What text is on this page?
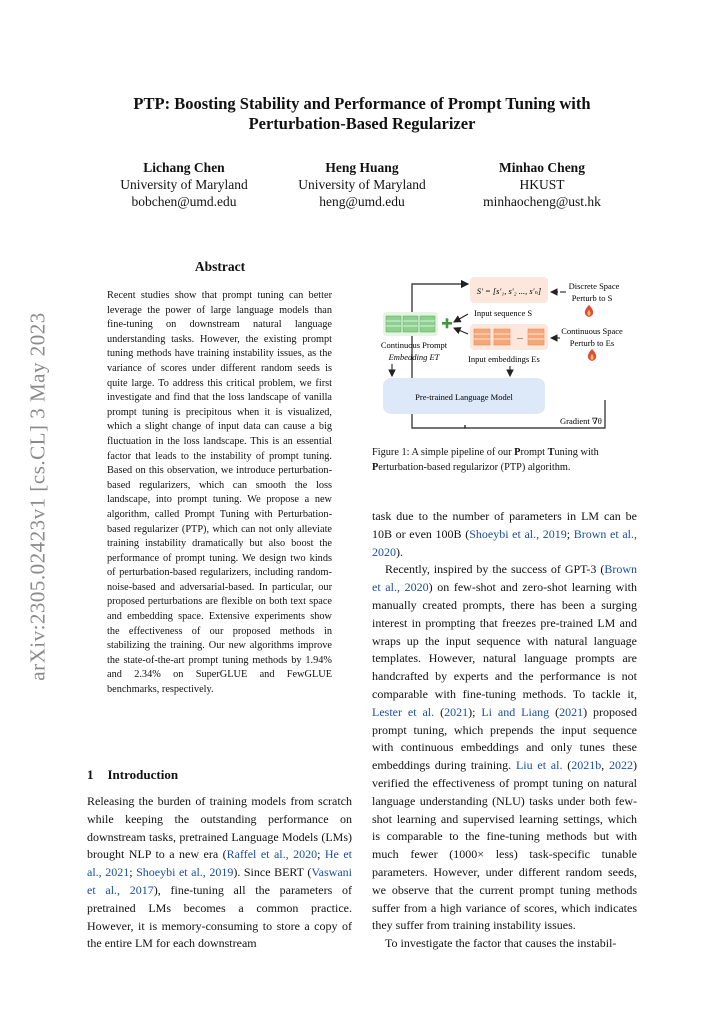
PTP: Boosting Stability and Performance of Prompt Tuning with
Perturbation-Based Regularizer
Lichang Chen
University of Maryland
bobchen@umd.edu
Heng Huang
University of Maryland
heng@umd.edu
Minhao Cheng
HKUST
minhaocheng@ust.hk
arXiv:2305.02423v1 [cs.CL] 3 May 2023
Abstract
Recent studies show that prompt tuning can better leverage the power of large language models than fine-tuning on downstream natural language understanding tasks. However, the existing prompt tuning methods have training instability issues, as the variance of scores under different random seeds is quite large. To address this critical problem, we first investigate and find that the loss landscape of vanilla prompt tuning is precipitous when it is visualized, which a slight change of input data can cause a big fluctuation in the loss landscape. This is an essential factor that leads to the instability of prompt tuning. Based on this observation, we introduce perturbation-based regularizers, which can smooth the loss landscape, into prompt tuning. We propose a new algorithm, called Prompt Tuning with Perturbation-based regularizer (PTP), which can not only alleviate training instability dramatically but also boost the performance of prompt tuning. We design two kinds of perturbation-based regularizers, including random-noise-based and adversarial-based. In particular, our proposed perturbations are flexible on both text space and embedding space. Extensive experiments show the effectiveness of our proposed methods in stabilizing the training. Our new algorithms improve the state-of-the-art prompt tuning methods by 1.94% and 2.34% on SuperGLUE and FewGLUE benchmarks, respectively.
1 Introduction

Releasing the burden of training models from scratch while keeping the outstanding performance on downstream tasks, pretrained Language Models (LMs) brought NLP to a new era (Raffel et al., 2020; He et al., 2021; Shoeybi et al., 2019). Since BERT (Vaswani et al., 2017), fine-tuning all the parameters of pretrained LMs becomes a common practice. However, it is memory-consuming to store a copy of the entire LM for each downstream

S' = [s'₁, s'₂ ..., s'ₙ]	Discrete Space
Perturb to S
Input sequence S
...
Continuous Space
Perturb to Es
Continuous Prompt
Embedding ET	Input embeddings Es
Pre-trained Language Model
Gradient ∇θ
Figure 1: A simple pipeline of our Prompt Tuning with Perturbation-based regularizor (PTP) algorithm.

task due to the number of parameters in LM can be 10B or even 100B (Shoeybi et al., 2019; Brown et al., 2020).

Recently, inspired by the success of GPT-3 (Brown et al., 2020) on few-shot and zero-shot learning with manually created prompts, there has been a surging interest in prompting that freezes pre-trained LM and wraps up the input sequence with natural language templates. However, natural language prompts are handcrafted by experts and the performance is not comparable with fine-tuning methods. To tackle it, Lester et al. (2021); Li and Liang (2021) proposed prompt tuning, which prepends the input sequence with continuous embeddings and only tunes these embeddings during training. Liu et al. (2021b, 2022) verified the effectiveness of prompt tuning on natural language understanding (NLU) tasks under both few-shot learning and supervised learning settings, which is comparable to the fine-tuning methods but with much fewer (1000× less) task-specific tunable parameters. However, under different random seeds, we observe that the current prompt tuning methods suffer from a high variance of scores, which indicates they suffer from training instability issues.

To investigate the factor that causes the instabil-
